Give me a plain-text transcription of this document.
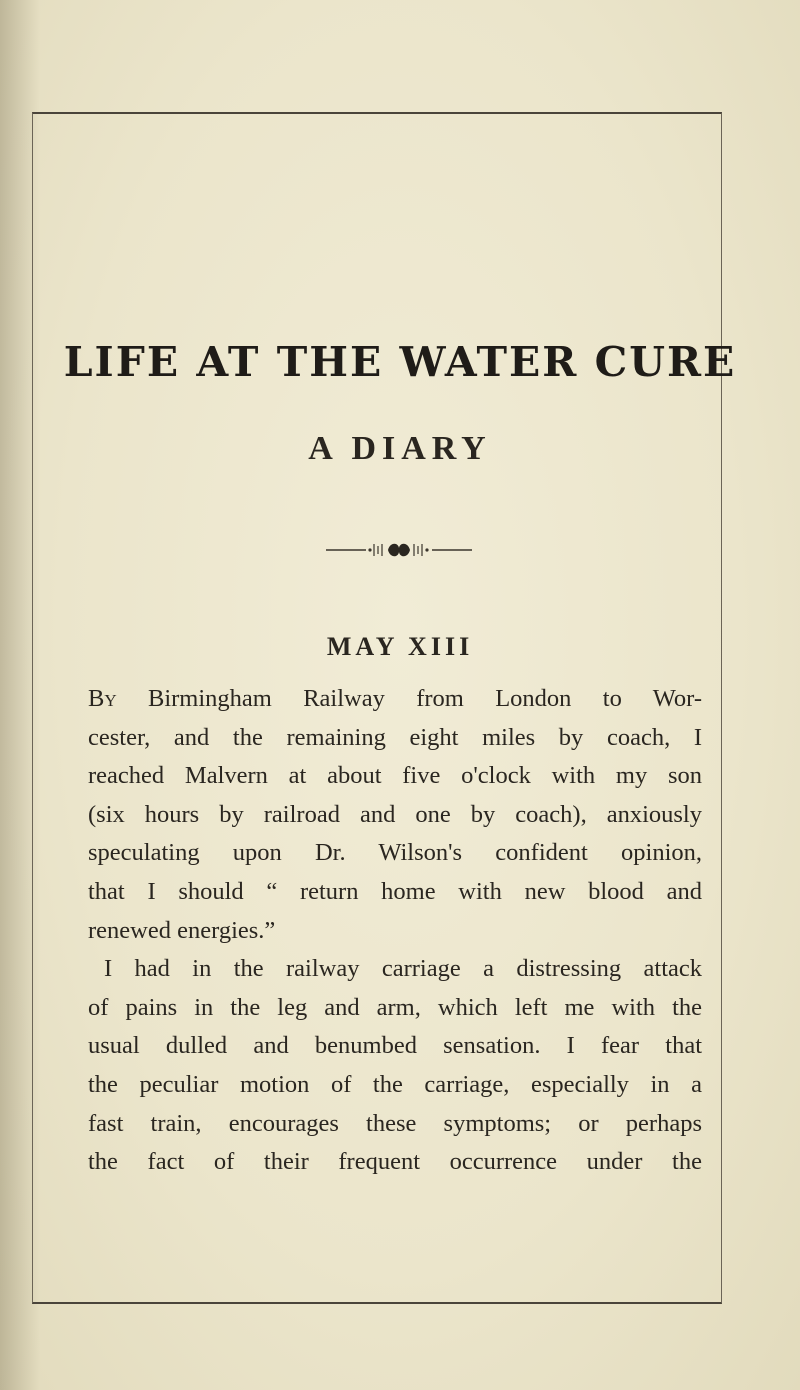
LIFE AT THE WATER CURE
A DIARY
MAY XIII
By Birmingham Railway from London to Wor-
cester, and the remaining eight miles by coach, I
reached Malvern at about five o'clock with my son
(six hours by railroad and one by coach), anxiously
speculating upon Dr. Wilson's confident opinion,
that I should “ return home with new blood and
renewed energies.”
I had in the railway carriage a distressing attack
of pains in the leg and arm, which left me with the
usual dulled and benumbed sensation. I fear that
the peculiar motion of the carriage, especially in a
fast train, encourages these symptoms; or perhaps
the fact of their frequent occurrence under the
